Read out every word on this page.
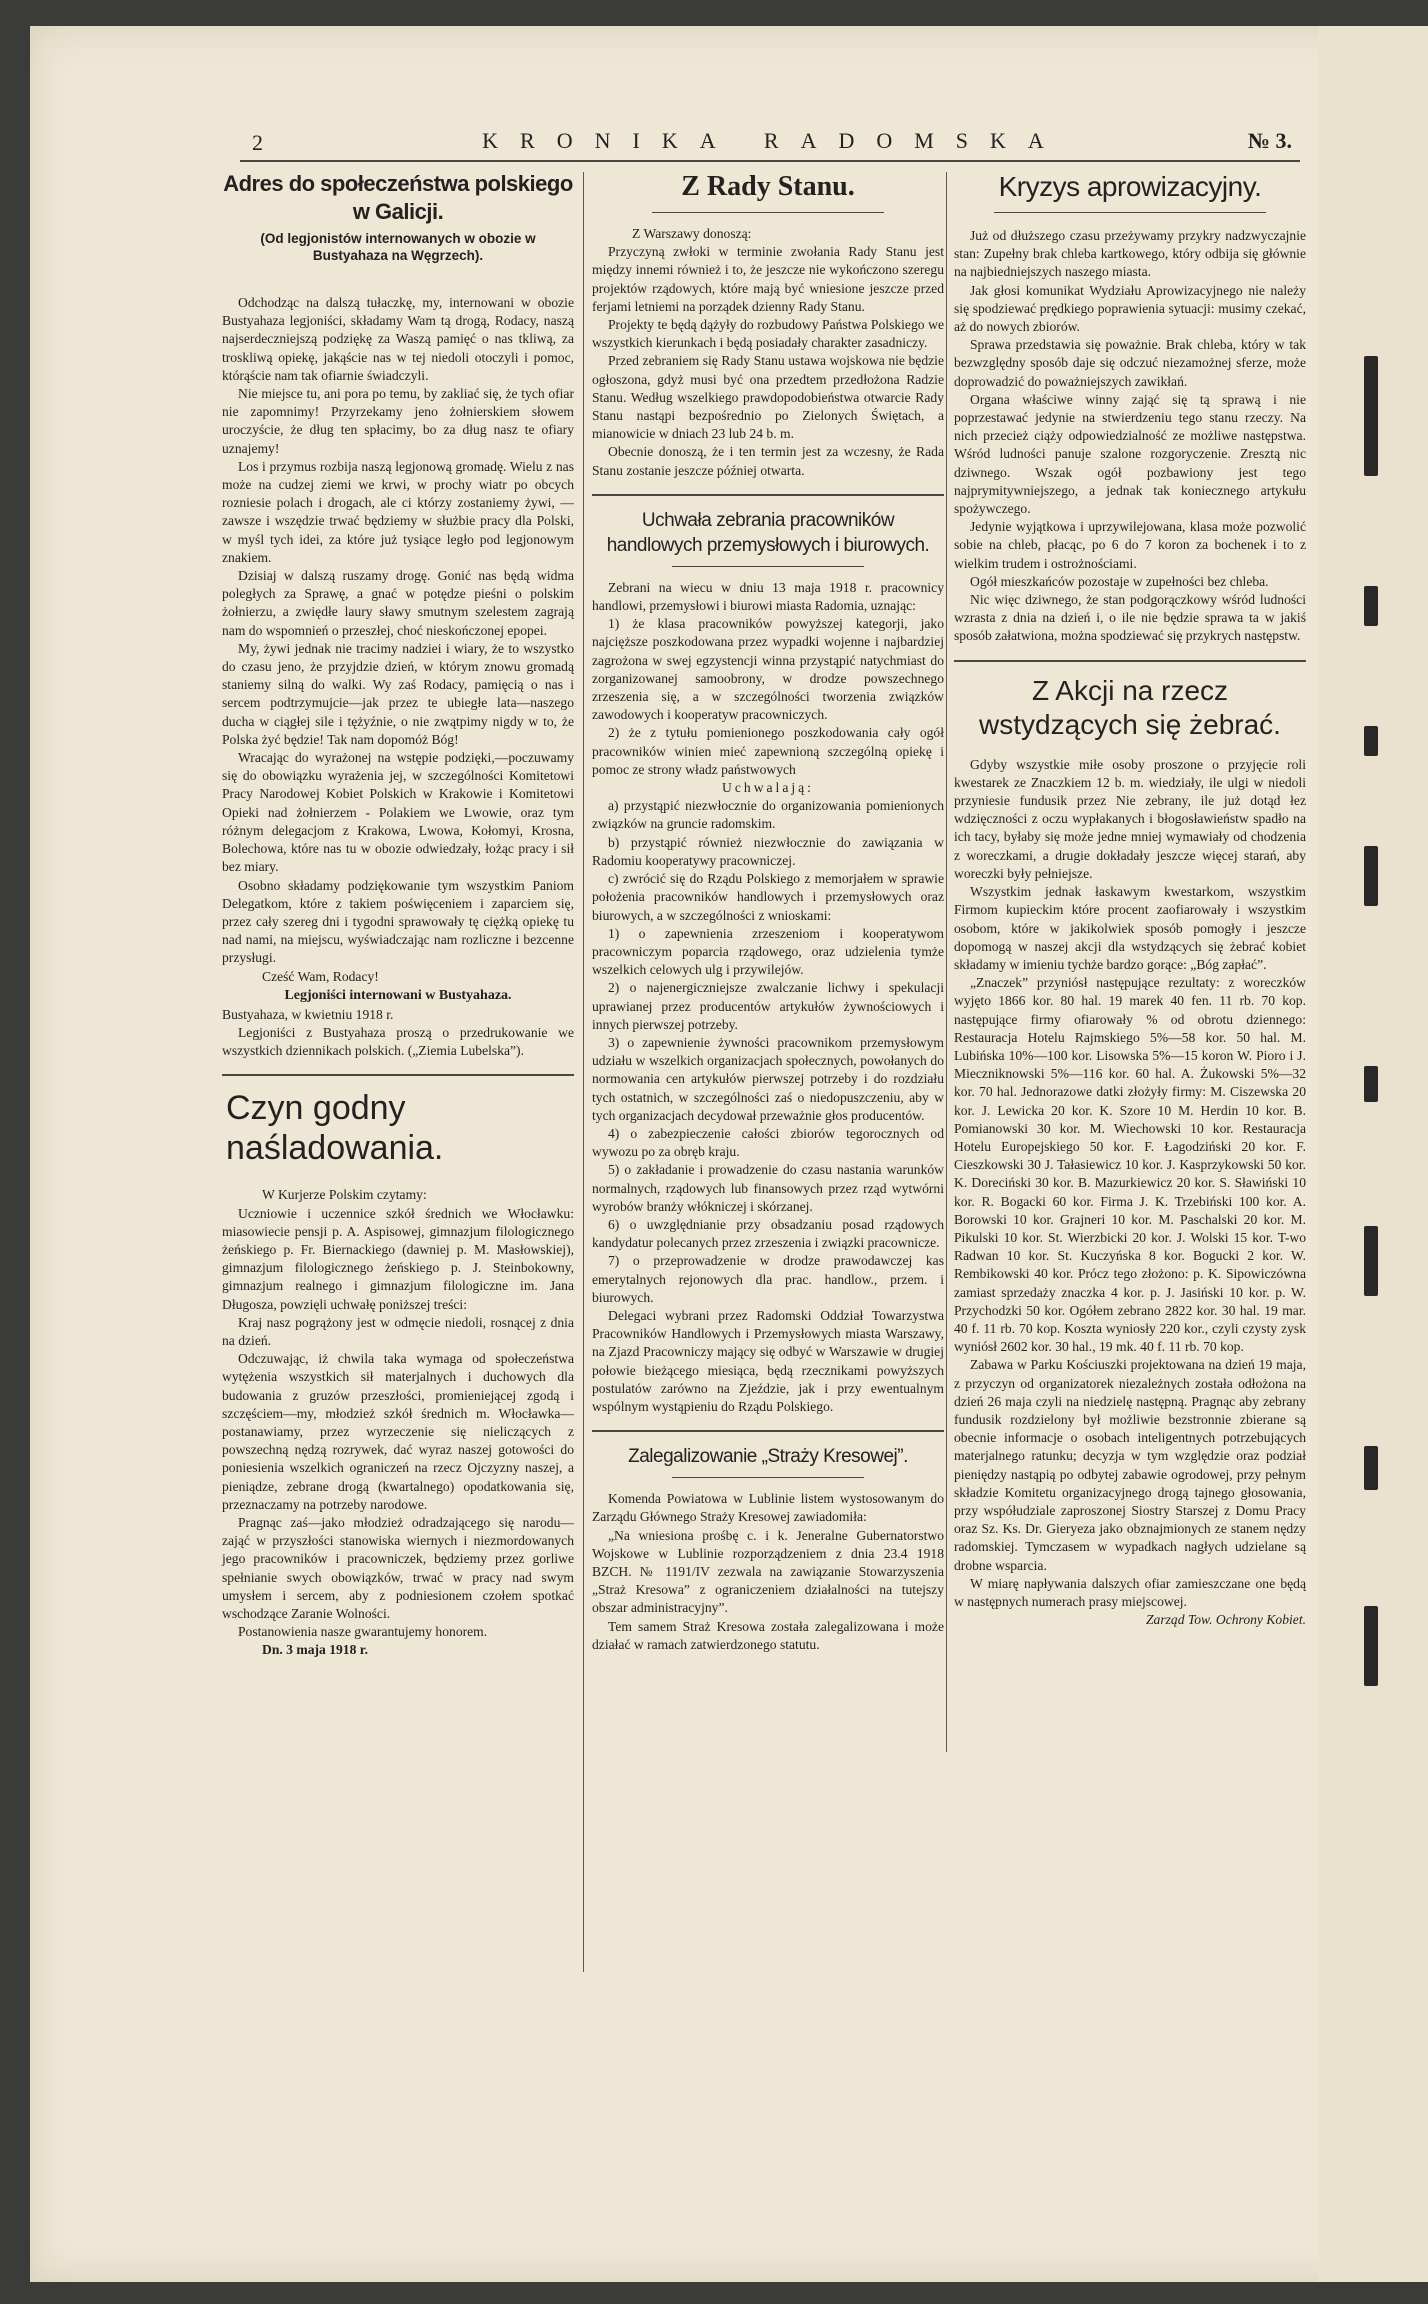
2	KRONIKA RADOMSKA	№ 3.
Adres do społeczeństwa polskiego w Galicji.

(Od legjonistów internowanych w obozie w Bustyahaza na Węgrzech).

Odchodząc na dalszą tułaczkę, my, internowani w obozie Bustyahaza legjoniści, składamy Wam tą drogą, Rodacy, naszą najserdeczniejszą podziękę za Waszą pamięć o nas tkliwą, za troskliwą opiekę, jakąście nas w tej niedoli otoczyli i pomoc, którąście nam tak ofiarnie świadczyli.

Nie miejsce tu, ani pora po temu, by zakliać się, że tych ofiar nie zapomnimy! Przyrzekamy jeno żołnierskiem słowem uroczyście, że dług ten spłacimy, bo za dług nasz te ofiary uznajemy!

Los i przymus rozbija naszą legjonową gromadę. Wielu z nas może na cudzej ziemi we krwi, w prochy wiatr po obcych rozniesie polach i drogach, ale ci którzy zostaniemy żywi, — zawsze i wszędzie trwać będziemy w służbie pracy dla Polski, w myśl tych idei, za które już tysiące legło pod legjonowym znakiem.

Dzisiaj w dalszą ruszamy drogę. Gonić nas będą widma poległych za Sprawę, a gnać w potędze pieśni o polskim żołnierzu, a zwiędłe laury sławy smutnym szelestem zagrają nam do wspomnień o przeszłej, choć nieskończonej epopei.

My, żywi jednak nie tracimy nadziei i wiary, że to wszystko do czasu jeno, że przyjdzie dzień, w którym znowu gromadą staniemy silną do walki. Wy zaś Rodacy, pamięcią o nas i sercem podtrzymujcie—jak przez te ubiegłe lata—naszego ducha w ciągłej sile i tężyźnie, o nie zwątpimy nigdy w to, że Polska żyć będzie! Tak nam dopomóż Bóg!

Wracając do wyrażonej na wstępie podzięki,—poczuwamy się do obowiązku wyrażenia jej, w szczególności Komitetowi Pracy Narodowej Kobiet Polskich w Krakowie i Komitetowi Opieki nad żołnierzem - Polakiem we Lwowie, oraz tym różnym delegacjom z Krakowa, Lwowa, Kołomyi, Krosna, Bolechowa, które nas tu w obozie odwiedzały, łożąc pracy i sił bez miary.

Osobno składamy podziękowanie tym wszystkim Paniom Delegatkom, które z takiem poświęceniem i zaparciem się, przez cały szereg dni i tygodni sprawowały tę ciężką opiekę tu nad nami, na miejscu, wyświadczając nam rozliczne i bezcenne przysługi.

Cześć Wam, Rodacy!

Legjoniści internowani w Bustyahaza.

Bustyahaza, w kwietniu 1918 r.

Legjoniści z Bustyahaza proszą o przedrukowanie we wszystkich dziennikach polskich. („Ziemia Lubelska”).

Czyn godny naśladowania.

W Kurjerze Polskim czytamy:

Uczniowie i uczennice szkół średnich we Włocławku: miasowiecie pensji p. A. Aspisowej, gimnazjum filologicznego żeńskiego p. Fr. Biernackiego (dawniej p. M. Masłowskiej), gimnazjum filologicznego żeńskiego p. J. Steinbokowny, gimnazjum realnego i gimnazjum filologiczne im. Jana Długosza, powzięli uchwałę poniższej treści:

Kraj nasz pogrążony jest w odmęcie niedoli, rosnącej z dnia na dzień.

Odczuwając, iż chwila taka wymaga od społeczeństwa wytężenia wszystkich sił materjalnych i duchowych dla budowania z gruzów przeszłości, promieniejącej zgodą i szczęściem—my, młodzież szkół średnich m. Włocławka—postanawiamy, przez wyrzeczenie się nieliczących z powszechną nędzą rozrywek, dać wyraz naszej gotowości do poniesienia wszelkich ograniczeń na rzecz Ojczyzny naszej, a pieniądze, zebrane drogą (kwartalnego) opodatkowania się, przeznaczamy na potrzeby narodowe.

Pragnąc zaś—jako młodzież odradzającego się narodu—zająć w przyszłości stanowiska wiernych i niezmordowanych jego pracowników i pracowniczek, będziemy przez gorliwe spełnianie swych obowiązków, trwać w pracy nad swym umysłem i sercem, aby z podniesionem czołem spotkać wschodzące Zaranie Wolności.

Postanowienia nasze gwarantujemy honorem.

Dn. 3 maja 1918 r.

Z Rady Stanu.

Z Warszawy donoszą:

Przyczyną zwłoki w terminie zwołania Rady Stanu jest między innemi również i to, że jeszcze nie wykończono szeregu projektów rządowych, które mają być wniesione jeszcze przed ferjami letniemi na porządek dzienny Rady Stanu.

Projekty te będą dążyły do rozbudowy Państwa Polskiego we wszystkich kierunkach i będą posiadały charakter zasadniczy.

Przed zebraniem się Rady Stanu ustawa wojskowa nie będzie ogłoszona, gdyż musi być ona przedtem przedłożona Radzie Stanu. Według wszelkiego prawdopodobieństwa otwarcie Rady Stanu nastąpi bezpośrednio po Zielonych Świętach, a mianowicie w dniach 23 lub 24 b. m.

Obecnie donoszą, że i ten termin jest za wczesny, że Rada Stanu zostanie jeszcze później otwarta.

Uchwała zebrania pracowników handlowych przemysłowych i biurowych.

Zebrani na wiecu w dniu 13 maja 1918 r. pracownicy handlowi, przemysłowi i biurowi miasta Radomia, uznając:

1) że klasa pracowników powyższej kategorji, jako najcięższe poszkodowana przez wypadki wojenne i najbardziej zagrożona w swej egzystencji winna przystąpić natychmiast do zorganizowanej samoobrony, w drodze powszechnego zrzeszenia się, a w szczególności tworzenia związków zawodowych i kooperatyw pracowniczych.

2) że z tytułu pomienionego poszkodowania cały ogół pracowników winien mieć zapewnioną szczególną opiekę i pomoc ze strony władz państwowych

Uchwalają:

a) przystąpić niezwłocznie do organizowania pomienionych związków na gruncie radomskim.

b) przystąpić również niezwłocznie do zawiązania w Radomiu kooperatywy pracowniczej.

c) zwrócić się do Rządu Polskiego z memorjałem w sprawie położenia pracowników handlowych i przemysłowych oraz biurowych, a w szczególności z wnioskami:

1) o zapewnienia zrzeszeniom i kooperatywom pracowniczym poparcia rządowego, oraz udzielenia tymże wszelkich celowych ulg i przywilejów.

2) o najenergiczniejsze zwalczanie lichwy i spekulacji uprawianej przez producentów artykułów żywnościowych i innych pierwszej potrzeby.

3) o zapewnienie żywności pracownikom przemysłowym udziału w wszelkich organizacjach społecznych, powołanych do normowania cen artykułów pierwszej potrzeby i do rozdziału tych ostatnich, w szczególności zaś o niedopuszczeniu, aby w tych organizacjach decydował przeważnie głos producentów.

4) o zabezpieczenie całości zbiorów tegorocznych od wywozu po za obręb kraju.

5) o zakładanie i prowadzenie do czasu nastania warunków normalnych, rządowych lub finansowych przez rząd wytwórni wyrobów branży włókniczej i skórzanej.

6) o uwzględnianie przy obsadzaniu posad rządowych kandydatur polecanych przez zrzeszenia i związki pracownicze.

7) o przeprowadzenie w drodze prawodawczej kas emerytalnych rejonowych dla prac. handlow., przem. i biurowych.

Delegaci wybrani przez Radomski Oddział Towarzystwa Pracowników Handlowych i Przemysłowych miasta Warszawy, na Zjazd Pracowniczy mający się odbyć w Warszawie w drugiej połowie bieżącego miesiąca, będą rzecznikami powyższych postulatów zarówno na Zjeździe, jak i przy ewentualnym wspólnym wystąpieniu do Rządu Polskiego.

Zalegalizowanie „Straży Kresowej”.

Komenda Powiatowa w Lublinie listem wystosowanym do Zarządu Głównego Straży Kresowej zawiadomiła:

„Na wniesiona prośbę c. i k. Jeneralne Gubernatorstwo Wojskowe w Lublinie rozporządzeniem z dnia 23.4 1918 BZCH. № 1191/IV zezwala na zawiązanie Stowarzyszenia „Straż Kresowa” z ograniczeniem działalności na tutejszy obszar administracyjny”.

Tem samem Straż Kresowa została zalegalizowana i może działać w ramach zatwierdzonego statutu.

Kryzys aprowizacyjny.

Już od dłuższego czasu przeżywamy przykry nadzwyczajnie stan: Zupełny brak chleba kartkowego, który odbija się głównie na najbiedniejszych naszego miasta.

Jak głosi komunikat Wydziału Aprowizacyjnego nie należy się spodziewać prędkiego poprawienia sytuacji: musimy czekać, aż do nowych zbiorów.

Sprawa przedstawia się poważnie. Brak chleba, który w tak bezwzględny sposób daje się odczuć niezamożnej sferze, może doprowadzić do poważniejszych zawikłań.

Organa właściwe winny zająć się tą sprawą i nie poprzestawać jedynie na stwierdzeniu tego stanu rzeczy. Na nich przecież ciąży odpowiedzialność ze możliwe następstwa. Wśród ludności panuje szalone rozgoryczenie. Zresztą nic dziwnego. Wszak ogół pozbawiony jest tego najprymitywniejszego, a jednak tak koniecznego artykułu spożywczego.

Jedynie wyjątkowa i uprzywilejowana, klasa może pozwolić sobie na chleb, płacąc, po 6 do 7 koron za bochenek i to z wielkim trudem i ostrożnościami.

Ogół mieszkańców pozostaje w zupełności bez chleba.

Nic więc dziwnego, że stan podgorączkowy wśród ludności wzrasta z dnia na dzień i, o ile nie będzie sprawa ta w jakiś sposób załatwiona, można spodziewać się przykrych następstw.

Z Akcji na rzecz wstydzących się żebrać.

Gdyby wszystkie miłe osoby proszone o przyjęcie roli kwestarek ze Znaczkiem 12 b. m. wiedziały, ile ulgi w niedoli przyniesie fundusik przez Nie zebrany, ile już dotąd łez wdzięczności z oczu wypłakanych i błogosławieństw spadło na ich tacy, byłaby się może jedne mniej wymawiały od chodzenia z woreczkami, a drugie dokładały jeszcze więcej starań, aby woreczki były pełniejsze.

Wszystkim jednak łaskawym kwestarkom, wszystkim Firmom kupieckim które procent zaofiarowały i wszystkim osobom, które w jakikolwiek sposób pomogły i jeszcze dopomogą w naszej akcji dla wstydzących się żebrać kobiet składamy w imieniu tychże bardzo gorące: „Bóg zapłać”.

„Znaczek” przyniósł następujące rezultaty: z woreczków wyjęto 1866 kor. 80 hal. 19 marek 40 fen. 11 rb. 70 kop. następujące firmy ofiarowały % od obrotu dziennego: Restauracja Hotelu Rajmskiego 5%—58 kor. 50 hal. M. Lubińska 10%—100 kor. Lisowska 5%—15 koron W. Pioro i J. Mieczniknowski 5%—116 kor. 60 hal. A. Żukowski 5%—32 kor. 70 hal. Jednorazowe datki złożyły firmy: M. Ciszewska 20 kor. J. Lewicka 20 kor. K. Szore 10 M. Herdin 10 kor. B. Pomianowski 30 kor. M. Wiechowski 10 kor. Restauracja Hotelu Europejskiego 50 kor. F. Łagodziński 20 kor. F. Cieszkowski 30 J. Tałasiewicz 10 kor. J. Kasprzykowski 50 kor. K. Doreciński 30 kor. B. Mazurkiewicz 20 kor. S. Sławiński 10 kor. R. Bogacki 60 kor. Firma J. K. Trzebiński 100 kor. A. Borowski 10 kor. Grajneri 10 kor. M. Paschalski 20 kor. M. Pikulski 10 kor. St. Wierzbicki 20 kor. J. Wolski 15 kor. T-wo Radwan 10 kor. St. Kuczyńska 8 kor. Bogucki 2 kor. W. Rembikowski 40 kor. Prócz tego złożono: p. K. Sipowiczówna zamiast sprzedaży znaczka 4 kor. p. J. Jasiński 10 kor. p. W. Przychodzki 50 kor. Ogółem zebrano 2822 kor. 30 hal. 19 mar. 40 f. 11 rb. 70 kop. Koszta wyniosły 220 kor., czyli czysty zysk wyniósł 2602 kor. 30 hal., 19 mk. 40 f. 11 rb. 70 kop.

Zabawa w Parku Kościuszki projektowana na dzień 19 maja, z przyczyn od organizatorek niezależnych została odłożona na dzień 26 maja czyli na niedzielę następną. Pragnąc aby zebrany fundusik rozdzielony był możliwie bezstronnie zbierane są obecnie informacje o osobach inteligentnych potrzebujących materjalnego ratunku; decyzja w tym względzie oraz podział pieniędzy nastąpią po odbytej zabawie ogrodowej, przy pełnym składzie Komitetu organizacyjnego drogą tajnego głosowania, przy współudziale zaproszonej Siostry Starszej z Domu Pracy oraz Sz. Ks. Dr. Gieryeza jako obznajmionych ze stanem nędzy radomskiej. Tymczasem w wypadkach nagłych udzielane są drobne wsparcia.

W miarę napływania dalszych ofiar zamieszczane one będą w następnych numerach prasy miejscowej.

Zarząd Tow. Ochrony Kobiet.
